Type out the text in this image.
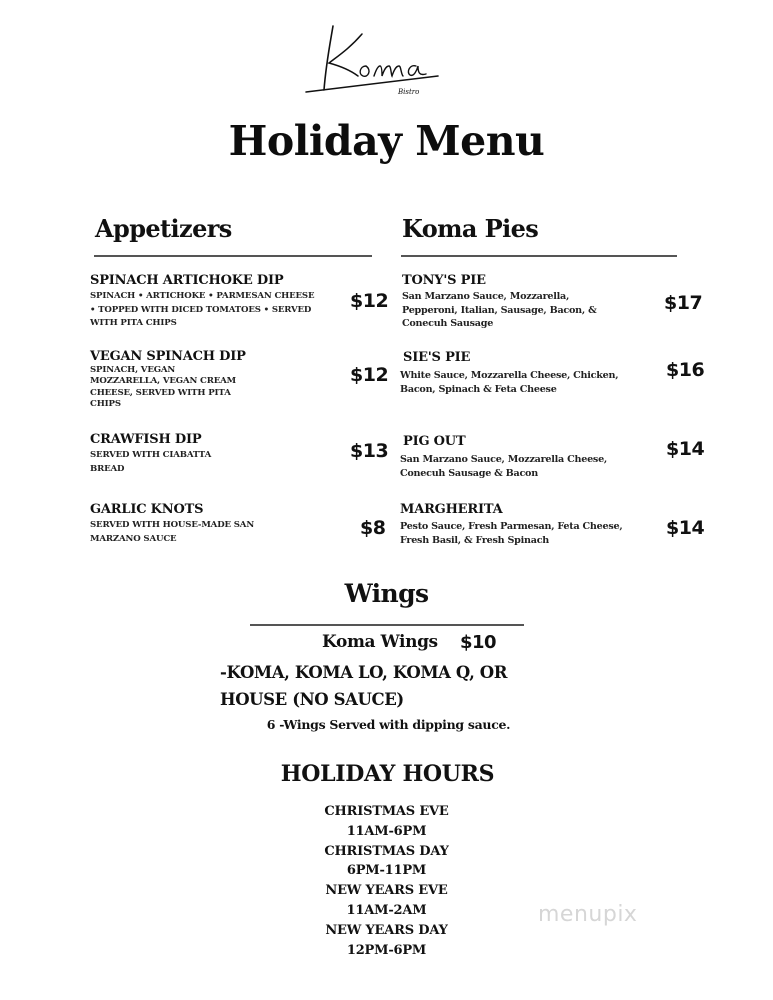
Bistro
Holiday Menu
Appetizers
SPINACH ARTICHOKE DIP
SPINACH • ARTICHOKE • PARMESAN CHEESE
• TOPPED WITH DICED TOMATOES • SERVED
WITH PITA CHIPS
$12
VEGAN SPINACH DIP
SPINACH, VEGAN
MOZZARELLA, VEGAN CREAM
CHEESE, SERVED WITH PITA
CHIPS
$12
CRAWFISH DIP
SERVED WITH CIABATTA
BREAD
$13
GARLIC KNOTS
SERVED WITH HOUSE-MADE SAN
MARZANO SAUCE	$8
Koma Pies
TONY'S PIE
San Marzano Sauce, Mozzarella,
Pepperoni, Italian, Sausage, Bacon, &
Conecuh Sausage
$17
SIE'S PIE
White Sauce, Mozzarella Cheese, Chicken,
Bacon, Spinach & Feta Cheese
$16
PIG OUT
San Marzano Sauce, Mozzarella Cheese,
Conecuh Sausage & Bacon
$14
MARGHERITA
Pesto Sauce, Fresh Parmesan, Feta Cheese,
Fresh Basil, & Fresh Spinach
$14
Wings
Koma Wings $10
-KOMA, KOMA LO, KOMA Q, OR
HOUSE (NO SAUCE)
6 -Wings Served with dipping sauce.
HOLIDAY HOURS
CHRISTMAS EVE
11AM-6PM
CHRISTMAS DAY
6PM-11PM
NEW YEARS EVE
11AM-2AM
NEW YEARS DAY
12PM-6PM
menupix
